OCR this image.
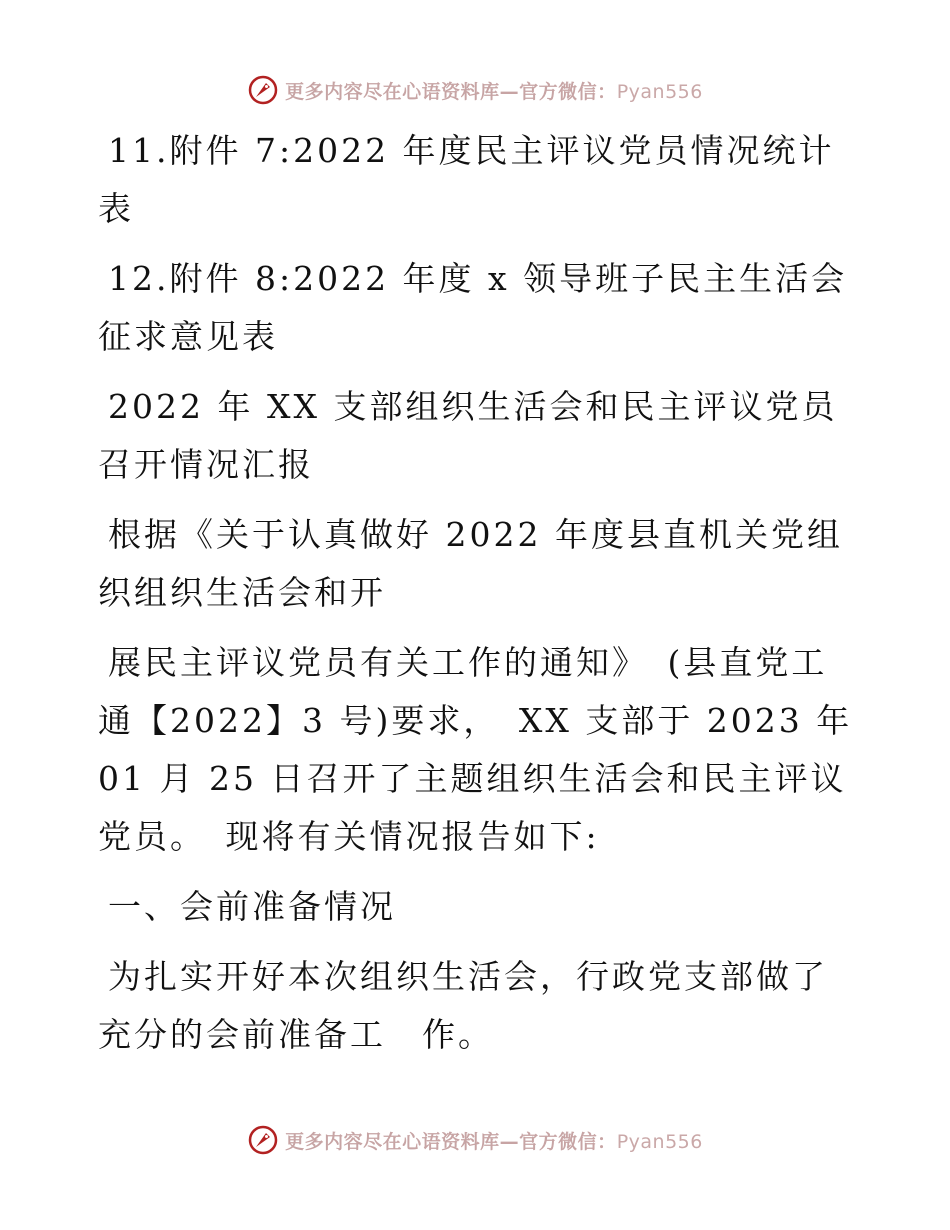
更多内容尽在心语资料库—官方微信：Pyan556

11.附件 7:2022 年度民主评议党员情况统计表

12.附件 8:2022 年度 x 领导班子民主生活会征求意见表

2022 年 XX 支部组织生活会和民主评议党员召开情况汇报

根据《关于认真做好 2022 年度县直机关党组织组织生活会和开

展民主评议党员有关工作的通知》　(县直党工通【2022】3 号)要求，　XX 支部于 2023 年 01 月 25 日召开了主题组织生活会和民主评议党员。　现将有关情况报告如下:

一、会前准备情况

为扎实开好本次组织生活会，行政党支部做了充分的会前准备工　作。

更多内容尽在心语资料库—官方微信：Pyan556
